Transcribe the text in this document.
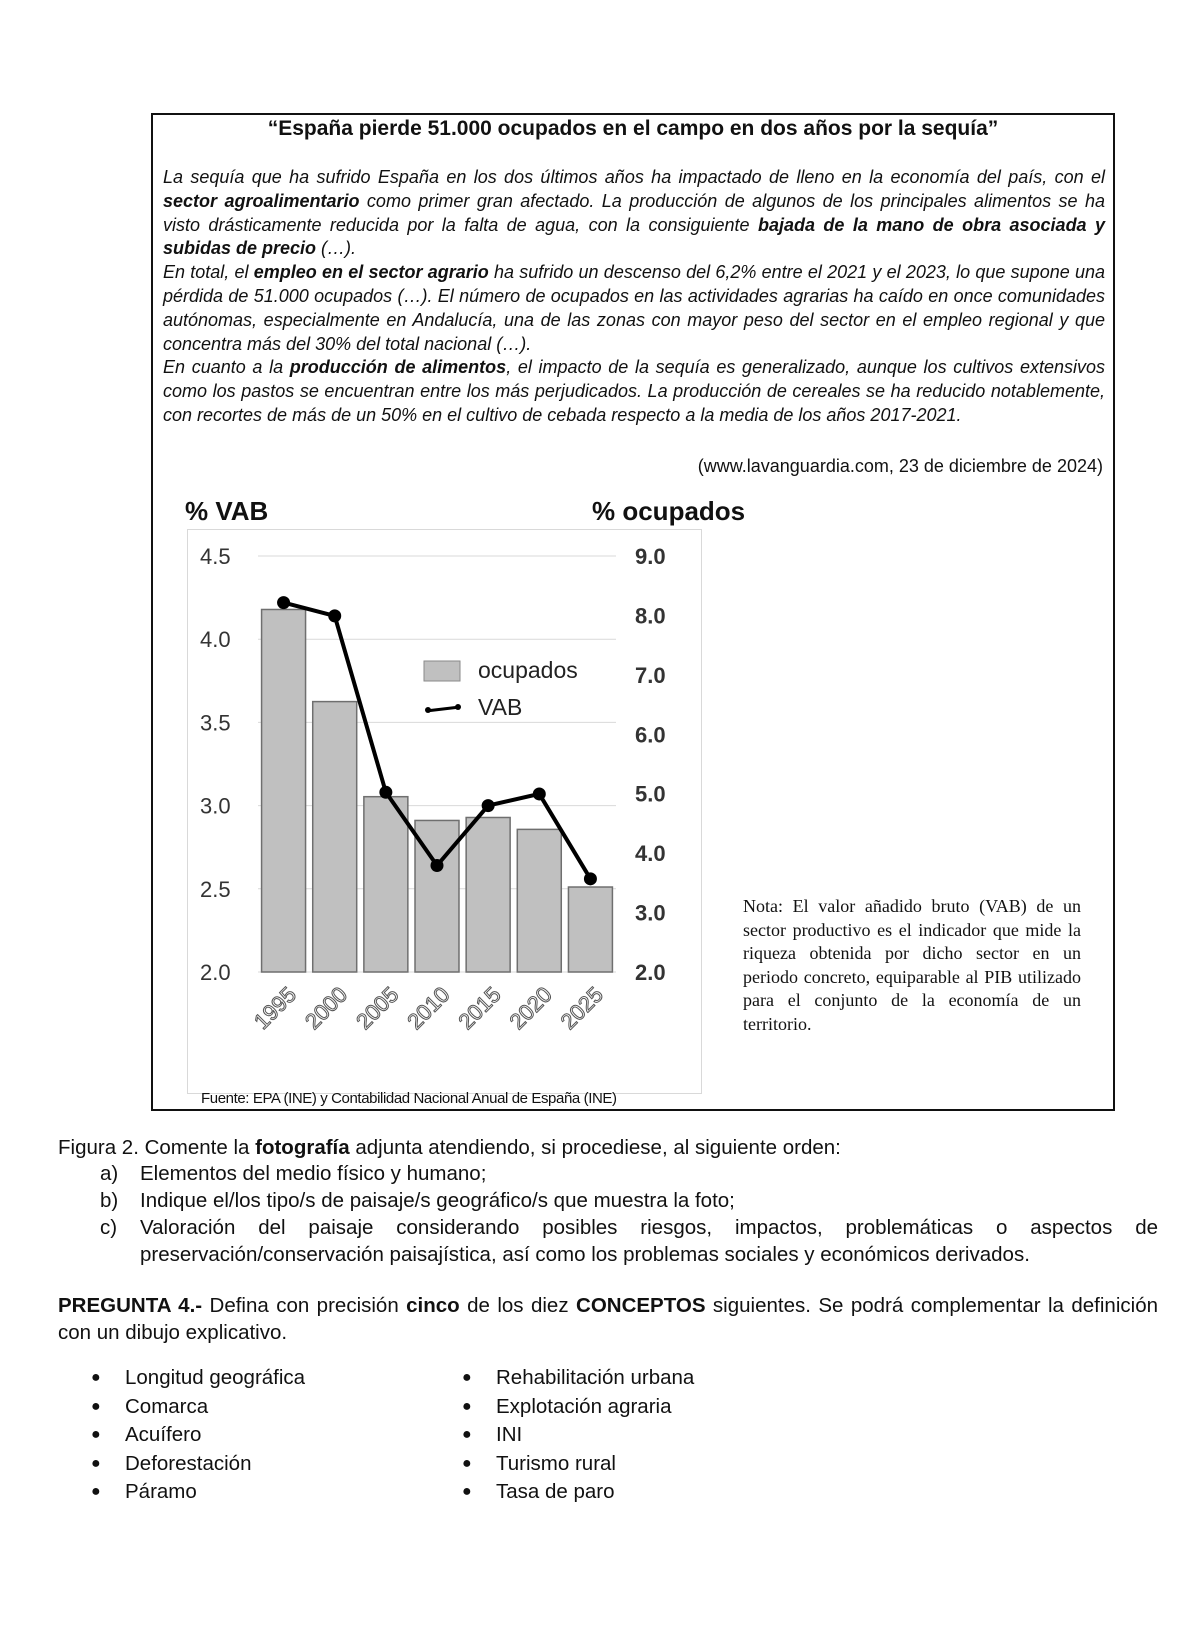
“España pierde 51.000 ocupados en el campo en dos años por la sequía”

La sequía que ha sufrido España en los dos últimos años ha impactado de lleno en la economía del país, con el sector agroalimentario como primer gran afectado. La producción de algunos de los principales alimentos se ha visto drásticamente reducida por la falta de agua, con la consiguiente bajada de la mano de obra asociada y subidas de precio (…).

En total, el empleo en el sector agrario ha sufrido un descenso del 6,2% entre el 2021 y el 2023, lo que supone una pérdida de 51.000 ocupados (…). El número de ocupados en las actividades agrarias ha caído en once comunidades autónomas, especialmente en Andalucía, una de las zonas con mayor peso del sector en el empleo regional y que concentra más del 30% del total nacional (…).

En cuanto a la producción de alimentos, el impacto de la sequía es generalizado, aunque los cultivos extensivos como los pastos se encuentran entre los más perjudicados. La producción de cereales se ha reducido notablemente, con recortes de más de un 50% en el cultivo de cebada respecto a la media de los años 2017-2021.

(www.lavanguardia.com, 23 de diciembre de 2024)
% VAB	% ocupados
4.5
4.0
3.5
3.0
2.5
2.0
9.0
8.0
7.0
6.0
5.0
4.0
3.0
2.0
1995
2000
2005
2010
2015
2020
2025
ocupados
VAB
Fuente: EPA (INE) y Contabilidad Nacional Anual de España (INE)
Nota: El valor añadido bruto (VAB) de un sector productivo es el indicador que mide la riqueza obtenida por dicho sector en un periodo concreto, equiparable al PIB utilizado para el conjunto de la economía de un territorio.
Figura 2. Comente la fotografía adjunta atendiendo, si procediese, al siguiente orden:
a) Elementos del medio físico y humano;
b) Indique el/los tipo/s de paisaje/s geográfico/s que muestra la foto;
c) Valoración del paisaje considerando posibles riesgos, impactos, problemáticas o aspectos de preservación/conservación paisajística, así como los problemas sociales y económicos derivados.
PREGUNTA 4.- Defina con precisión cinco de los diez CONCEPTOS siguientes. Se podrá complementar la definición con un dibujo explicativo.
● Longitud geográfica
● Comarca
● Acuífero
● Deforestación
● Páramo
● Rehabilitación urbana
● Explotación agraria
● INI
● Turismo rural
● Tasa de paro
